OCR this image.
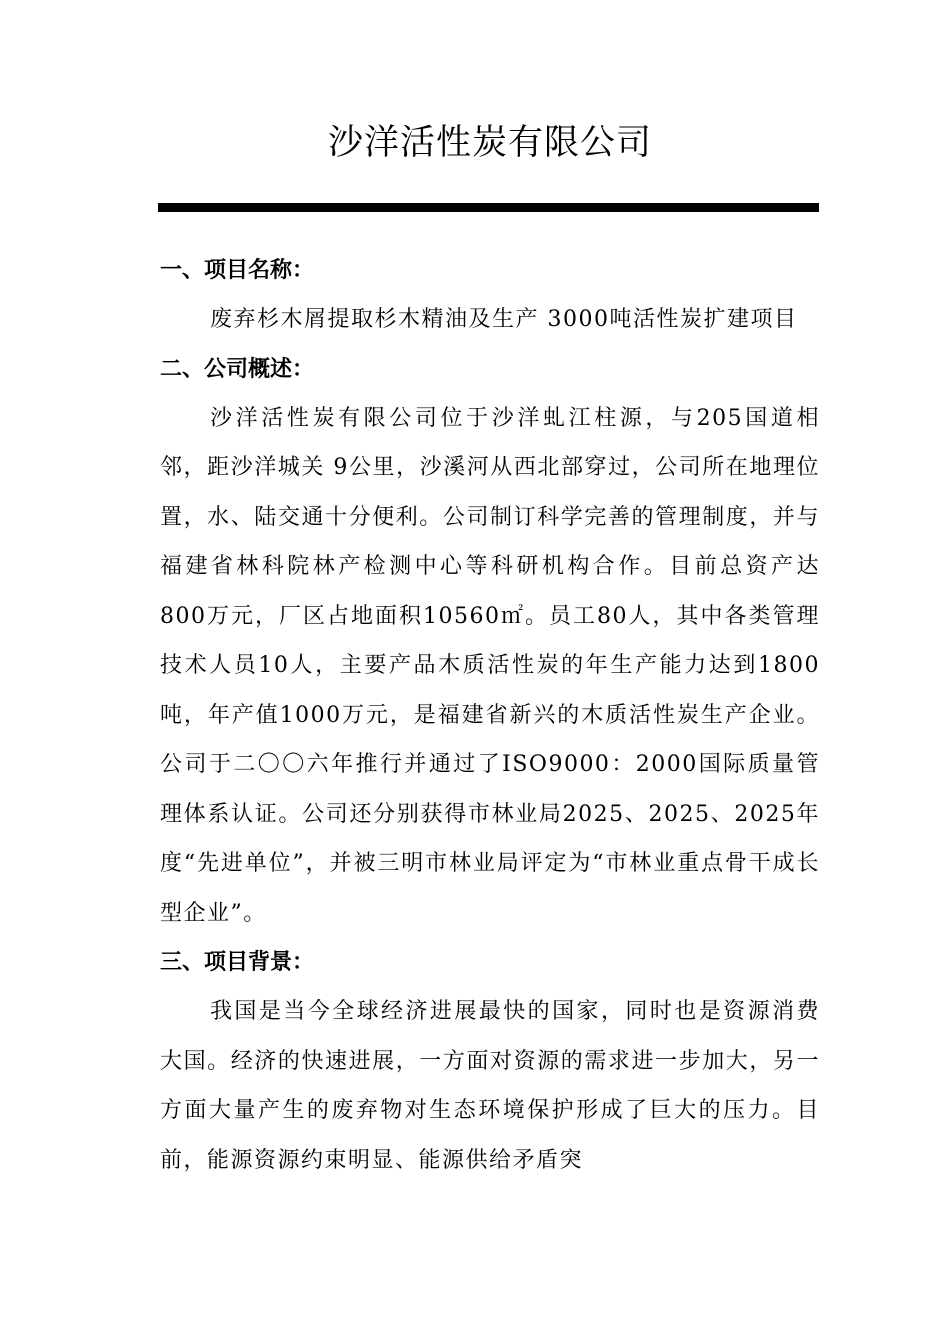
沙洋活性炭有限公司
一、项目名称：

废弃杉木屑提取杉木精油及生产 3000吨活性炭扩建项目

二、公司概述：

沙洋活性炭有限公司位于沙洋虬江柱源，与205国道相邻，距沙洋城关 9公里，沙溪河从西北部穿过，公司所在地理位置，水、陆交通十分便利。公司制订科学完善的管理制度，并与福建省林科院林产检测中心等科研机构合作。目前总资产达 800万元，厂区占地面积10560㎡。员工80人，其中各类管理技术人员10人，主要产品木质活性炭的年生产能力达到1800吨，年产值1000万元，是福建省新兴的木质活性炭生产企业。公司于二〇〇六年推行并通过了ISO9000：2000国际质量管理体系认证。公司还分别获得市林业局2025、2025、2025年度“先进单位”，并被三明市林业局评定为“市林业重点骨干成长型企业”。

三、项目背景：

我国是当今全球经济进展最快的国家，同时也是资源消费大国。经济的快速进展，一方面对资源的需求进一步加大，另一方面大量产生的废弃物对生态环境保护形成了巨大的压力。目前，能源资源约束明显、能源供给矛盾突
